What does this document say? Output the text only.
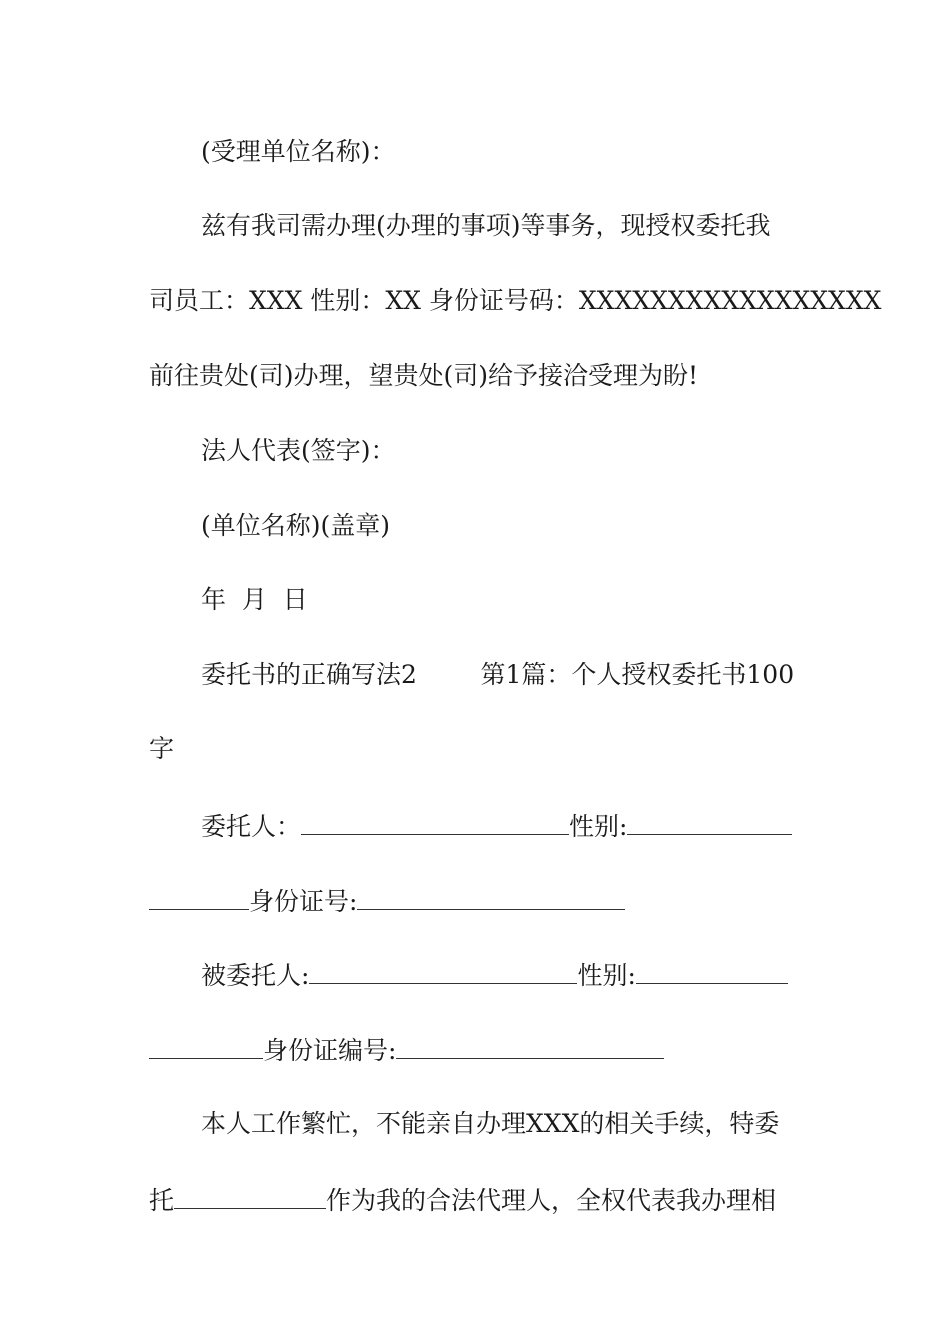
(受理单位名称)：

兹有我司需办理(办理的事项)等事务，现授权委托我

司员工：XXX 性别：XX 身份证号码：XXXXXXXXXXXXXXXXX

前往贵处(司)办理，望贵处(司)给予接洽受理为盼!

法人代表(签字)：

(单位名称)(盖章)

年  月  日

委托书的正确写法2        第1篇：个人授权委托书100

字

委托人：	性别:

身份证号:

被委托人:	性别:

身份证编号:

本人工作繁忙，不能亲自办理XXX的相关手续，特委

托	作为我的合法代理人，全权代表我办理相
